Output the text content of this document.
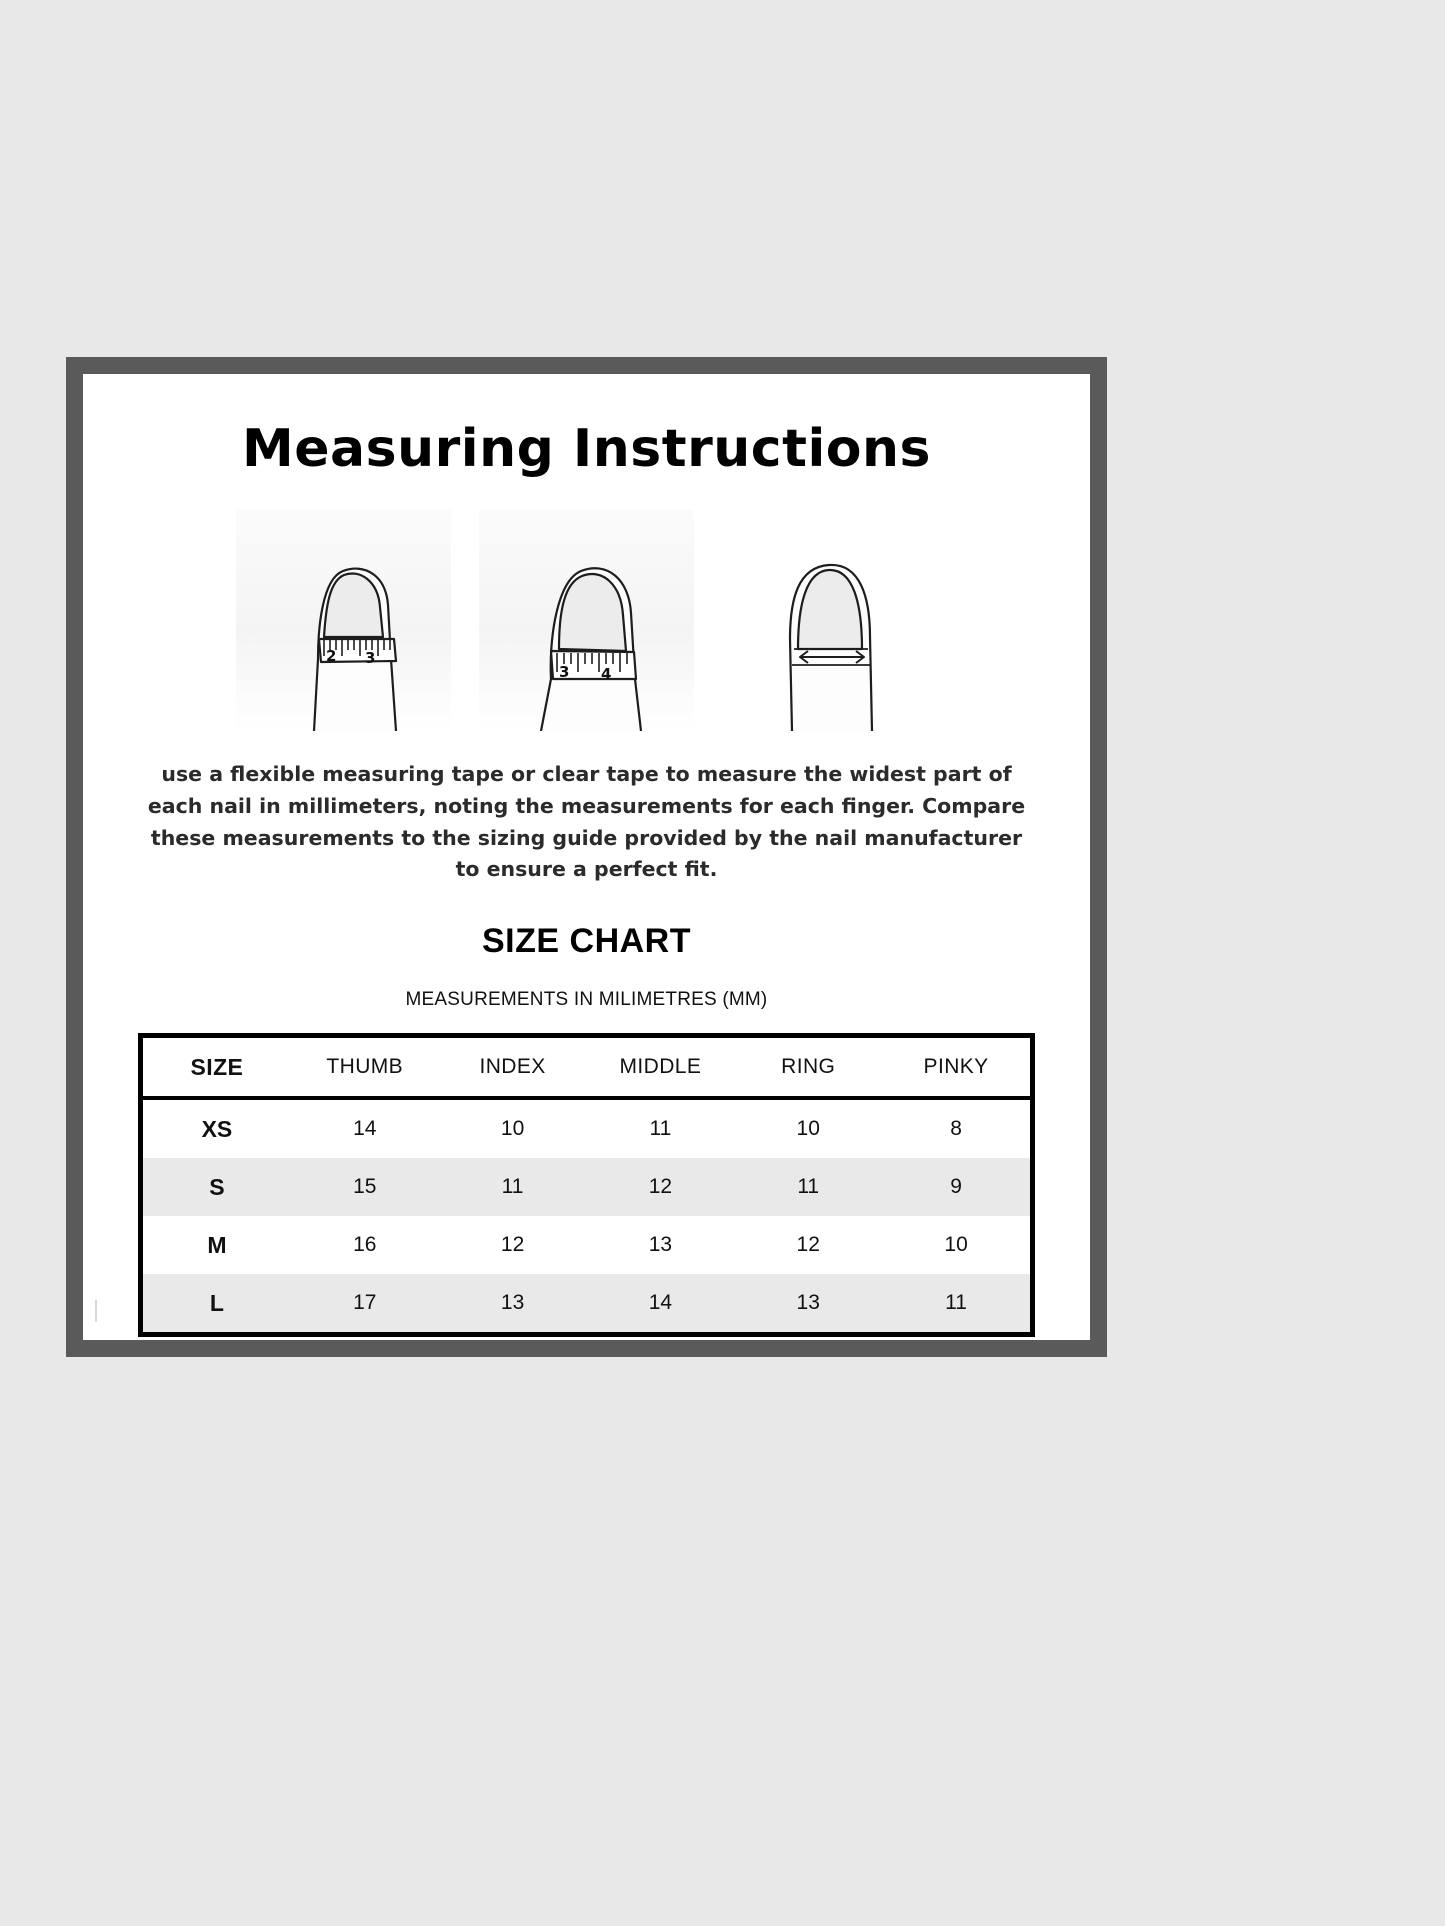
Measuring Instructions
2 3
3 4

use a flexible measuring tape or clear tape to measure the widest part of each nail in millimeters, noting the measurements for each finger. Compare these measurements to the sizing guide provided by the nail manufacturer to ensure a perfect fit.

SIZE CHART
MEASUREMENTS IN MILIMETRES (MM)
SIZE	THUMB	INDEX	MIDDLE	RING	PINKY
XS	14	10	11	10	8
S	15	11	12	11	9
M	16	12	13	12	10
L	17	13	14	13	11
